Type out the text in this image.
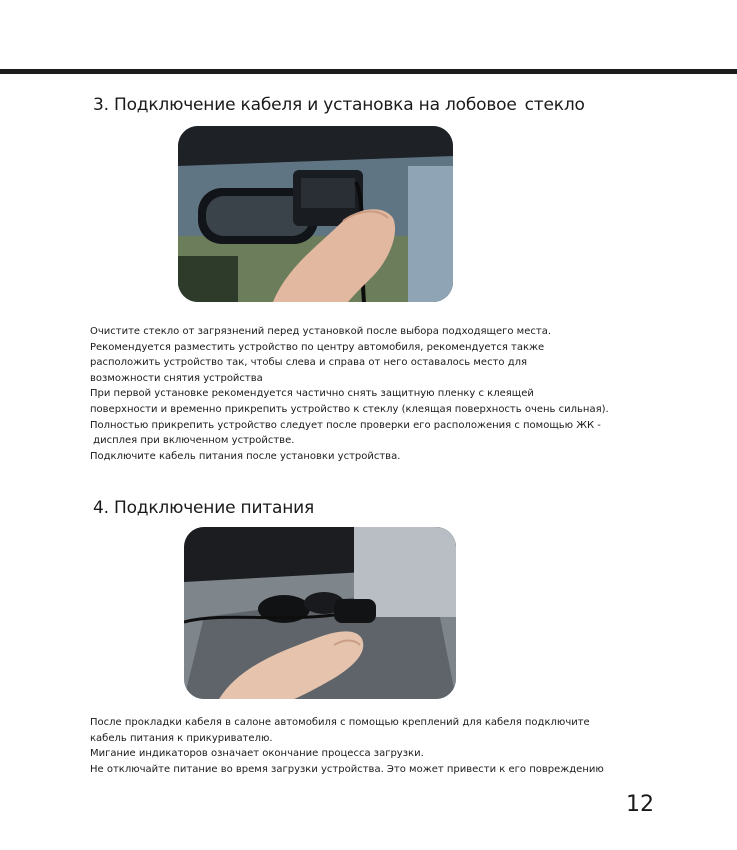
3. Подключение кабеля и установка на лобовое стекло
Очистите стекло от загрязнений перед установкой после выбора подходящего места.
Рекомендуется разместить устройство по центру автомобиля, рекомендуется также
расположить устройство так, чтобы слева и справа от него оставалось место для
возможности снятия устройства
При первой установке рекомендуется частично снять защитную пленку с клеящей
поверхности и временно прикрепить устройство к стеклу (клеящая поверхность очень сильная).
Полностью прикрепить устройство следует после проверки его расположения с помощью ЖК -
дисплея при включенном устройстве.
Подключите кабель питания после установки устройства.
4. Подключение питания
После прокладки кабеля в салоне автомобиля с помощью креплений для кабеля подключите
кабель питания к прикуривателю.
Мигание индикаторов означает окончание процесса загрузки.
Не отключайте питание во время загрузки устройства. Это может привести к его повреждению
12
